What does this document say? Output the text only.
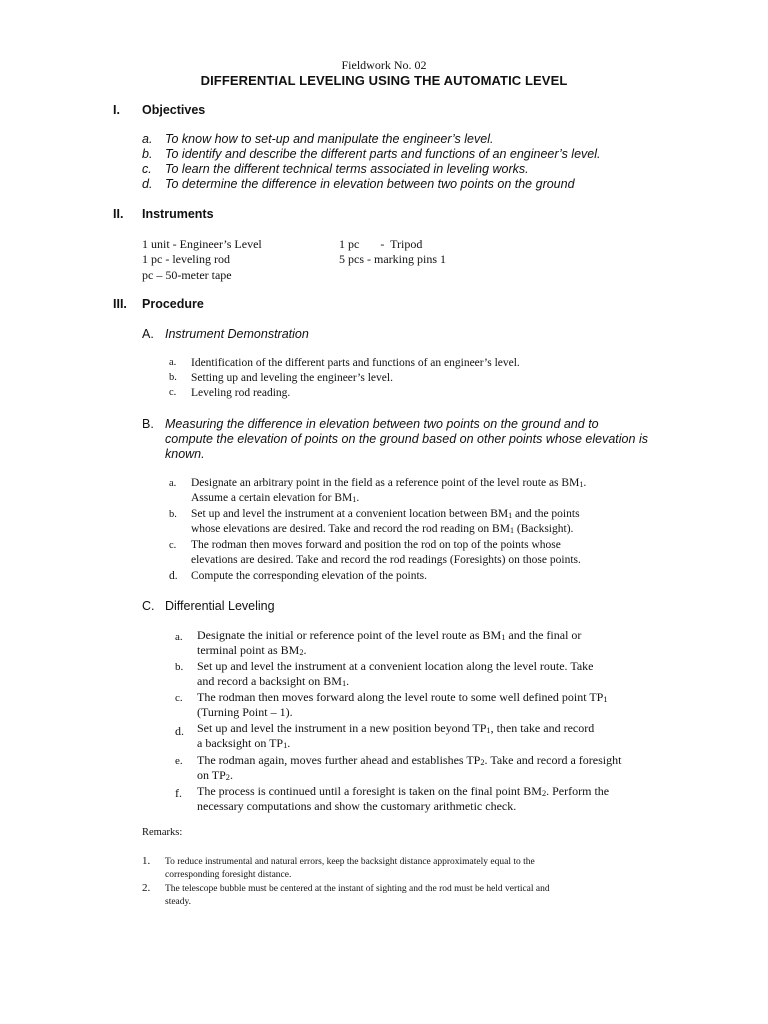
Fieldwork No. 02
DIFFERENTIAL LEVELING USING THE AUTOMATIC LEVEL
I. Objectives
a. To know how to set-up and manipulate the engineer’s level.
b. To identify and describe the different parts and functions of an engineer’s level.
c. To learn the different technical terms associated in leveling works.
d. To determine the difference in elevation between two points on the ground
II. Instruments
1 unit - Engineer’s Level	1 pc       -  Tripod
1 pc - leveling rod	5 pcs - marking pins 1
pc – 50-meter tape
III. Procedure
A. Instrument Demonstration
a. Identification of the different parts and functions of an engineer’s level.
b. Setting up and leveling the engineer’s level.
c. Leveling rod reading.
B. Measuring the difference in elevation between two points on the ground and to
compute the elevation of points on the ground based on other points whose elevation is
known.
a. Designate an arbitrary point in the field as a reference point of the level route as $BM_1$.
Assume a certain elevation for $BM_1$.
b. Set up and level the instrument at a convenient location between $BM_1$ and the points
whose elevations are desired. Take and record the rod reading on $BM_1$ (Backsight).
c. The rodman then moves forward and position the rod on top of the points whose
elevations are desired. Take and record the rod readings (Foresights) on those points.
d. Compute the corresponding elevation of the points.
C. Differential Leveling
a. Designate the initial or reference point of the level route as $BM_1$ and the final or
terminal point as $BM_2$.
b. Set up and level the instrument at a convenient location along the level route. Take
and record a backsight on $BM_1$.
c. The rodman then moves forward along the level route to some well defined point $TP_1$
(Turning Point – 1).
d. Set up and level the instrument in a new position beyond $TP_1$, then take and record
a backsight on $TP_1$.
e. The rodman again, moves further ahead and establishes $TP_2$. Take and record a foresight
on $TP_2$.
f. The process is continued until a foresight is taken on the final point $BM_2$. Perform the
necessary computations and show the customary arithmetic check.
Remarks:
1. To reduce instrumental and natural errors, keep the backsight distance approximately equal to the
corresponding foresight distance.
2. The telescope bubble must be centered at the instant of sighting and the rod must be held vertical and
steady.
